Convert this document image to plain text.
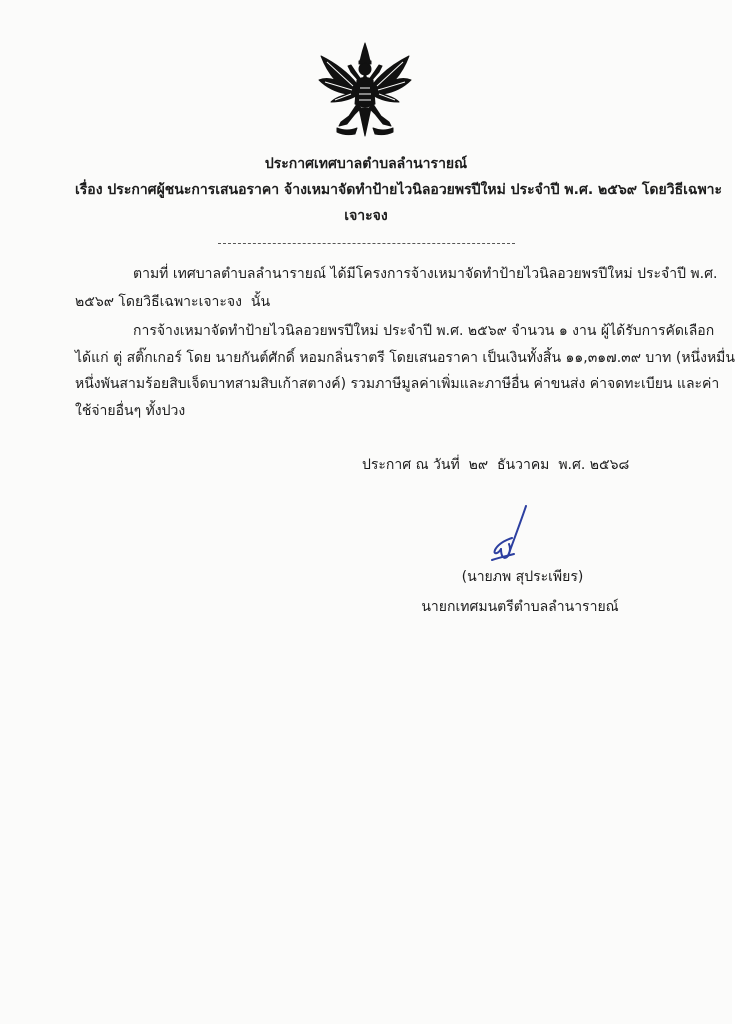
ประกาศเทศบาลตำบลลำนารายณ์
เรื่อง ประกาศผู้ชนะการเสนอราคา จ้างเหมาจัดทำป้ายไวนิลอวยพรปีใหม่ ประจำปี พ.ศ. ๒๕๖๙ โดยวิธีเฉพาะ
เจาะจง
ตามที่ เทศบาลตำบลลำนารายณ์ ได้มีโครงการจ้างเหมาจัดทำป้ายไวนิลอวยพรปีใหม่ ประจำปี พ.ศ.
๒๕๖๙ โดยวิธีเฉพาะเจาะจง  นั้น
การจ้างเหมาจัดทำป้ายไวนิลอวยพรปีใหม่ ประจำปี พ.ศ. ๒๕๖๙ จำนวน ๑ งาน ผู้ได้รับการคัดเลือก
ได้แก่ ตู่ สติ๊กเกอร์ โดย นายกันต์ศักดิ์ หอมกลิ่นราตรี โดยเสนอราคา เป็นเงินทั้งสิ้น ๑๑,๓๑๗.๓๙ บาท (หนึ่งหมื่น
หนึ่งพันสามร้อยสิบเจ็ดบาทสามสิบเก้าสตางค์) รวมภาษีมูลค่าเพิ่มและภาษีอื่น ค่าขนส่ง ค่าจดทะเบียน และค่า
ใช้จ่ายอื่นๆ ทั้งปวง
ประกาศ ณ วันที่  ๒๙  ธันวาคม  พ.ศ. ๒๕๖๘
(นายภพ สุประเพียร)
นายกเทศมนตรีตำบลลำนารายณ์
